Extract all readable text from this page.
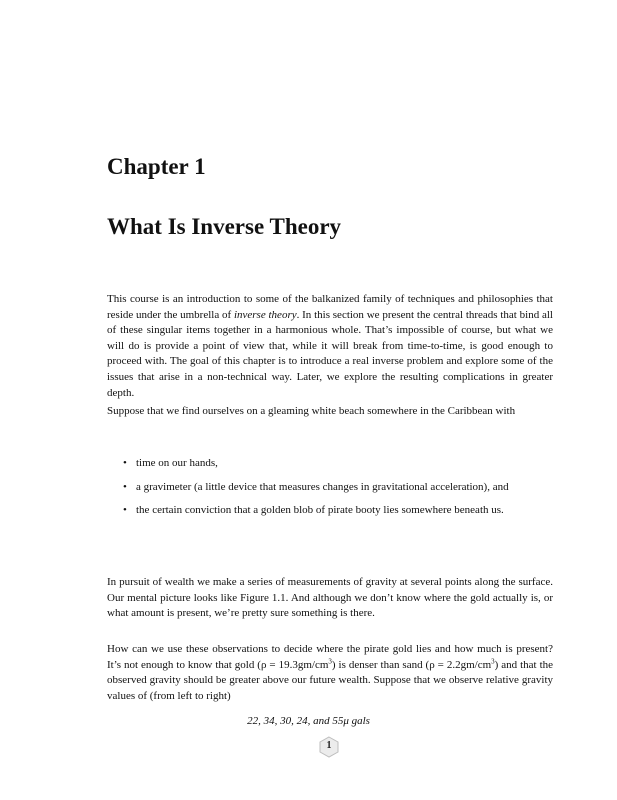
Chapter 1
What Is Inverse Theory

This course is an introduction to some of the balkanized family of techniques and philosophies that reside under the umbrella of inverse theory. In this section we present the central threads that bind all of these singular items together in a harmonious whole. That’s impossible of course, but what we will do is provide a point of view that, while it will break from time-to-time, is good enough to proceed with. The goal of this chapter is to introduce a real inverse problem and explore some of the issues that arise in a non-technical way. Later, we explore the resulting complications in greater depth.

Suppose that we find ourselves on a gleaming white beach somewhere in the Caribbean with

• time on our hands,
• a gravimeter (a little device that measures changes in gravitational acceleration), and
• the certain conviction that a golden blob of pirate booty lies somewhere beneath us.

In pursuit of wealth we make a series of measurements of gravity at several points along the surface. Our mental picture looks like Figure 1.1. And although we don’t know where the gold actually is, or what amount is present, we’re pretty sure something is there.

How can we use these observations to decide where the pirate gold lies and how much is present? It’s not enough to know that gold $(\rho = 19.3gm/cm^3)$ is denser than sand $(\rho = 2.2gm/cm^3)$ and that the observed gravity should be greater above our future wealth. Suppose that we observe relative gravity values of (from left to right)

22, 34, 30, 24, and 55μ gals
1
